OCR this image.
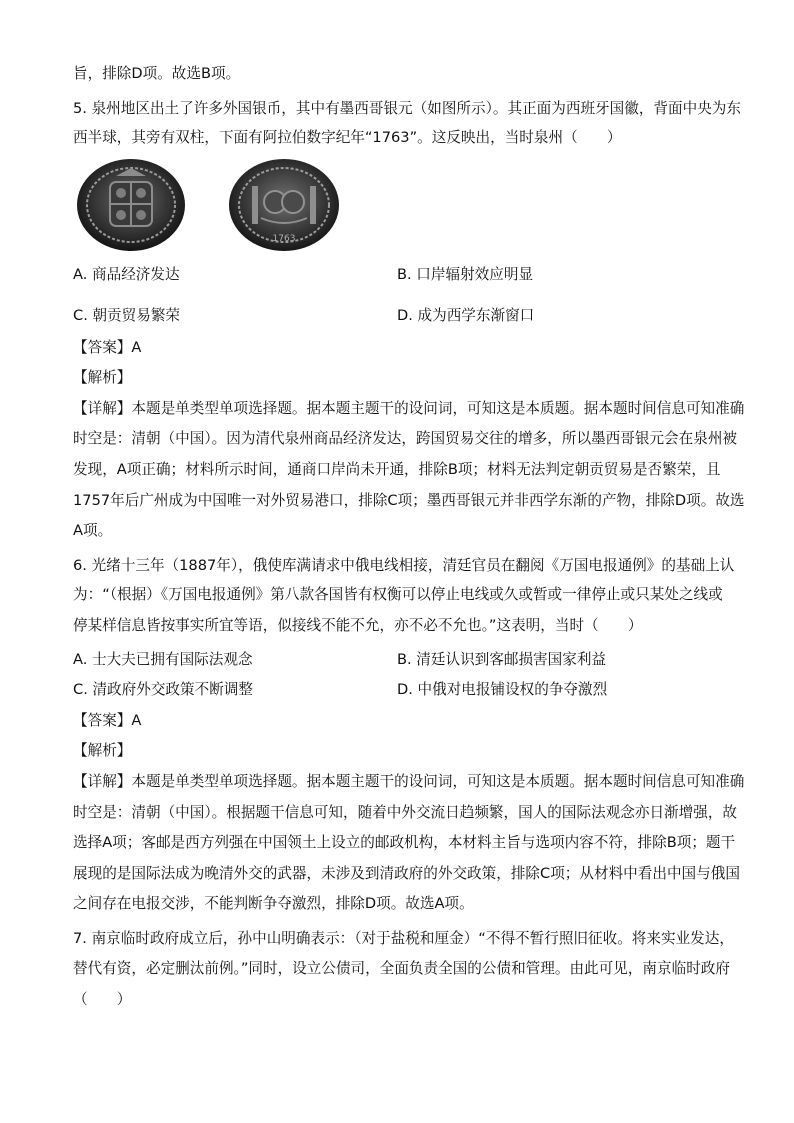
旨，排除D项。故选B项。
5. 泉州地区出土了许多外国银币，其中有墨西哥银元（如图所示）。其正面为西班牙国徽，背面中央为东
西半球，其旁有双柱，下面有阿拉伯数字纪年“1763”。这反映出，当时泉州（　　）
1763
A. 商品经济发达	B. 口岸辐射效应明显
C. 朝贡贸易繁荣	D. 成为西学东渐窗口
【答案】A
【解析】
【详解】本题是单类型单项选择题。据本题主题干的设问词，可知这是本质题。据本题时间信息可知准确
时空是：清朝（中国）。因为清代泉州商品经济发达，跨国贸易交往的增多，所以墨西哥银元会在泉州被
发现，A项正确；材料所示时间，通商口岸尚未开通，排除B项；材料无法判定朝贡贸易是否繁荣，且
1757年后广州成为中国唯一对外贸易港口，排除C项；墨西哥银元并非西学东渐的产物，排除D项。故选
A项。
6. 光绪十三年（1887年），俄使库满请求中俄电线相接，清廷官员在翻阅《万国电报通例》的基础上认
为：“（根据）《万国电报通例》第八款各国皆有权衡可以停止电线或久或暂或一律停止或只某处之线或
停某样信息皆按事实所宜等语，似接线不能不允，亦不必不允也。”这表明，当时（　　）
A. 士大夫已拥有国际法观念	B. 清廷认识到客邮损害国家利益
C. 清政府外交政策不断调整	D. 中俄对电报铺设权的争夺激烈
【答案】A
【解析】
【详解】本题是单类型单项选择题。据本题主题干的设问词，可知这是本质题。据本题时间信息可知准确
时空是：清朝（中国）。根据题干信息可知，随着中外交流日趋频繁，国人的国际法观念亦日渐增强，故
选择A项；客邮是西方列强在中国领土上设立的邮政机构，本材料主旨与选项内容不符，排除B项；题干
展现的是国际法成为晚清外交的武器，未涉及到清政府的外交政策，排除C项；从材料中看出中国与俄国
之间存在电报交涉，不能判断争夺激烈，排除D项。故选A项。
7. 南京临时政府成立后，孙中山明确表示：（对于盐税和厘金）“不得不暂行照旧征收。将来实业发达，
替代有资，必定删汰前例。”同时，设立公债司，全面负责全国的公债和管理。由此可见，南京临时政府
（　　）
